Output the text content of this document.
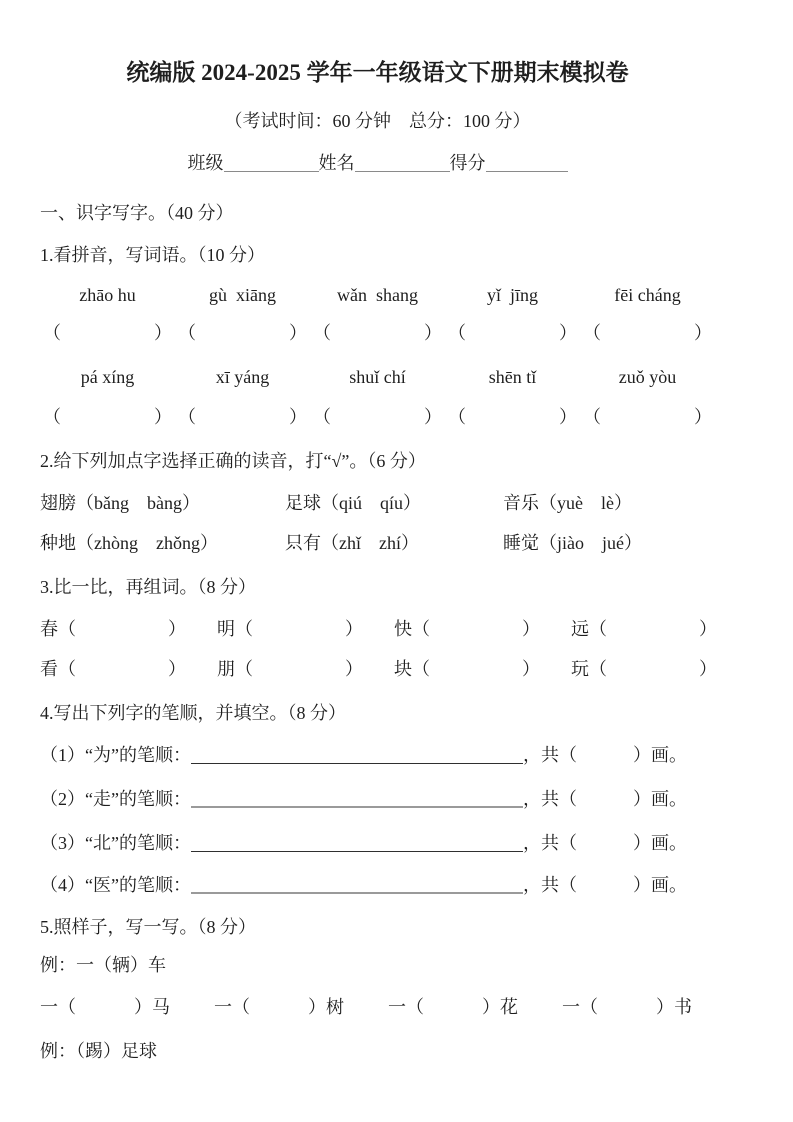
统编版 2024-2025 学年一年级语文下册期末模拟卷
（考试时间：60 分钟　总分：100 分）
班级	姓名	得分
一、识字写字。（40 分）
1.看拼音，写词语。（10 分）
zhāo hu	gù  xiāng	wǎn  shang	yǐ  jīng	fēi cháng
（	） （	） （	） （	） （	）
pá xíng	xī yáng	shuǐ chí	shēn tǐ	zuǒ yòu
（	） （	） （	） （	） （	）
2.给下列加点字选择正确的读音，打“√”。（6 分）
翅膀 •（bǎng　bàng）	足 •球（qiú　qíu）	音乐 •（yuè　lè）
种 •地（zhòng　zhǒng）	只 •有（zhǐ　zhí）	睡觉 •（jiào　jué）
3.比一比，再组词。（8 分）
春 （	） 明 （	） 快 （	） 远 （	）
看 （	） 朋 （	） 块 （	） 玩 （	）
4.写出下列字的笔顺，并填空。（8 分）
（1）“为”的笔顺：	，共（	）画。
（2）“走”的笔顺：	，共（	）画。
（3）“北”的笔顺：	，共（	）画。
（4）“医”的笔顺：	，共（	）画。
5.照样子，写一写。（8 分）
例：一（辆）车
一（	）马 一（	）树 一（	）花 一（	）书
例：（踢）足球
